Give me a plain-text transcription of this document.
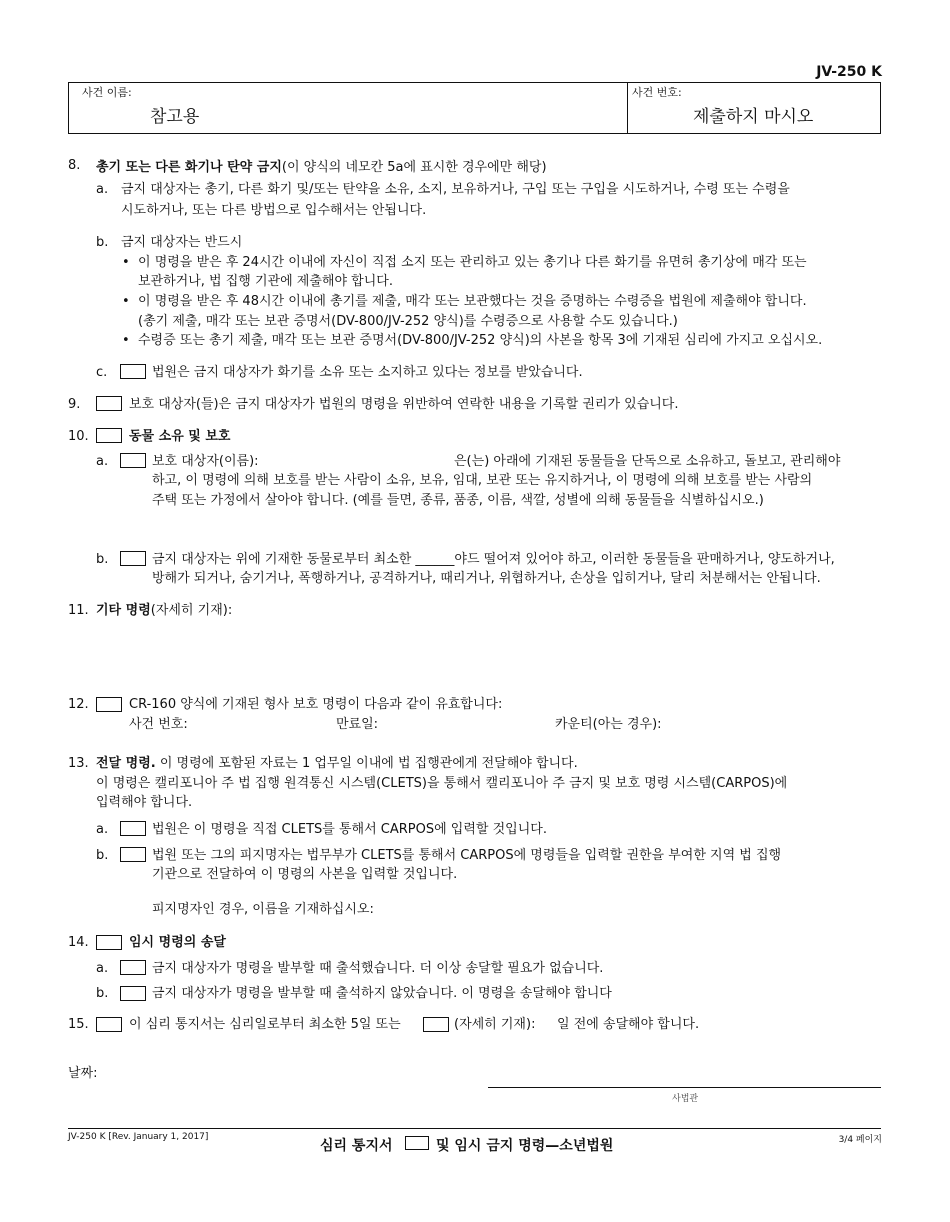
JV-250 K
사건 이름:
참고용
사건 번호:
제출하지 마시오
8. 총기 또는 다른 화기나 탄약 금지(이 양식의 네모칸 5a에 표시한 경우에만 해당)
a. 금지 대상자는 총기, 다른 화기 및/또는 탄약을 소유, 소지, 보유하거나, 구입 또는 구입을 시도하거나, 수령 또는 수령을
시도하거나, 또는 다른 방법으로 입수해서는 안됩니다.
b. 금지 대상자는 반드시
• 이 명령을 받은 후 24시간 이내에 자신이 직접 소지 또는 관리하고 있는 총기나 다른 화기를 유면허 총기상에 매각 또는
보관하거나, 법 집행 기관에 제출해야 합니다.
• 이 명령을 받은 후 48시간 이내에 총기를 제출, 매각 또는 보관했다는 것을 증명하는 수령증을 법원에 제출해야 합니다.
(총기 제출, 매각 또는 보관 증명서(DV-800/JV-252 양식)를 수령증으로 사용할 수도 있습니다.)
• 수령증 또는 총기 제출, 매각 또는 보관 증명서(DV-800/JV-252 양식)의 사본을 항목 3에 기재된 심리에 가지고 오십시오.
c.	법원은 금지 대상자가 화기를 소유 또는 소지하고 있다는 정보를 받았습니다.
9.	보호 대상자(들)은 금지 대상자가 법원의 명령을 위반하여 연락한 내용을 기록할 권리가 있습니다.
10.	동물 소유 및 보호
a.	보호 대상자(이름):	은(는) 아래에 기재된 동물들을 단독으로 소유하고, 돌보고, 관리해야
하고, 이 명령에 의해 보호를 받는 사람이 소유, 보유, 임대, 보관 또는 유지하거나, 이 명령에 의해 보호를 받는 사람의
주택 또는 가정에서 살아야 합니다. (예를 들면, 종류, 품종, 이름, 색깔, 성별에 의해 동물들을 식별하십시오.)
b.	금지 대상자는 위에 기재한 동물로부터 최소한 ______야드 떨어져 있어야 하고, 이러한 동물들을 판매하거나, 양도하거나,
방해가 되거나, 숨기거나, 폭행하거나, 공격하거나, 때리거나, 위협하거나, 손상을 입히거나, 달리 처분해서는 안됩니다.
11. 기타 명령(자세히 기재):
12.	CR-160 양식에 기재된 형사 보호 명령이 다음과 같이 유효합니다:
사건 번호:	만료일:	카운티(아는 경우):
13. 전달 명령. 이 명령에 포함된 자료는 1 업무일 이내에 법 집행관에게 전달해야 합니다.
이 명령은 캘리포니아 주 법 집행 원격통신 시스템(CLETS)을 통해서 캘리포니아 주 금지 및 보호 명령 시스템(CARPOS)에
입력해야 합니다.
a.	법원은 이 명령을 직접 CLETS를 통해서 CARPOS에 입력할 것입니다.
b.	법원 또는 그의 피지명자는 법무부가 CLETS를 통해서 CARPOS에 명령들을 입력할 권한을 부여한 지역 법 집행
기관으로 전달하여 이 명령의 사본을 입력할 것입니다.
피지명자인 경우, 이름을 기재하십시오:
14.	임시 명령의 송달
a.	금지 대상자가 명령을 발부할 때 출석했습니다. 더 이상 송달할 필요가 없습니다.
b.	금지 대상자가 명령을 발부할 때 출석하지 않았습니다. 이 명령을 송달해야 합니다
15.	이 심리 통지서는 심리일로부터 최소한 5일 또는	(자세히 기재): 일 전에 송달해야 합니다.
날짜:
사법관
JV-250 K [Rev. January 1, 2017]
심리 통지서	및 임시 금지 명령—소년법원	3/4 페이지
